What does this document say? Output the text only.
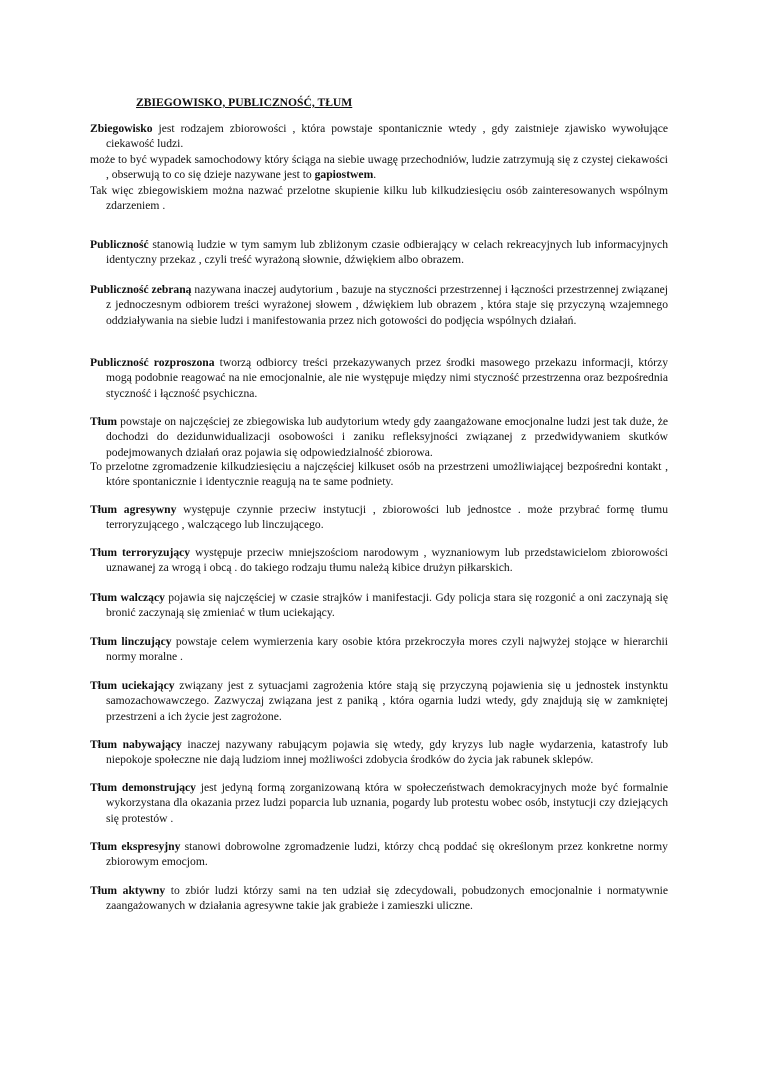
ZBIEGOWISKO, PUBLICZNOŚĆ, TŁUM

Zbiegowisko jest rodzajem zbiorowości , która powstaje spontanicznie wtedy , gdy zaistnieje zjawisko wywołujące ciekawość ludzi.

może to być wypadek samochodowy który ściąga na siebie uwagę przechodniów, ludzie zatrzymują się z czystej ciekawości , obserwują to co się dzieje nazywane jest to gapiostwem.

Tak więc zbiegowiskiem można nazwać przelotne skupienie kilku lub kilkudziesięciu osób zainteresowanych wspólnym zdarzeniem .

Publiczność stanowią ludzie w tym samym lub zbliżonym czasie odbierający w celach rekreacyjnych lub informacyjnych identyczny przekaz , czyli treść wyrażoną słownie, dźwiękiem albo obrazem.

Publiczność zebraną nazywana inaczej audytorium , bazuje na styczności przestrzennej i łączności przestrzennej związanej z jednoczesnym odbiorem treści wyrażonej słowem , dźwiękiem lub obrazem , która staje się przyczyną wzajemnego oddziaływania na siebie ludzi i manifestowania przez nich gotowości do podjęcia wspólnych działań.

Publiczność rozproszona tworzą odbiorcy treści przekazywanych przez środki masowego przekazu informacji, którzy mogą podobnie reagować na nie emocjonalnie, ale nie występuje między nimi styczność przestrzenna oraz bezpośrednia styczność i łączność psychiczna.

Tłum powstaje on najczęściej ze zbiegowiska lub audytorium wtedy gdy zaangażowane emocjonalne ludzi jest tak duże, że dochodzi do dezidunwidualizacji osobowości i zaniku refleksyjności związanej z przedwidywaniem skutków podejmowanych działań oraz pojawia się odpowiedzialność zbiorowa.

To przelotne zgromadzenie kilkudziesięciu a najczęściej kilkuset osób na przestrzeni umożliwiającej bezpośredni kontakt , które spontanicznie i identycznie reagują na te same podniety.

Tłum agresywny występuje czynnie przeciw instytucji , zbiorowości lub jednostce . może przybrać formę tłumu terroryzującego , walczącego lub linczującego.

Tłum terroryzujący występuje przeciw mniejszościom narodowym , wyznaniowym lub przedstawicielom zbiorowości uznawanej za wrogą i obcą . do takiego rodzaju tłumu należą kibice drużyn piłkarskich.

Tłum walczący pojawia się najczęściej w czasie strajków i manifestacji. Gdy policja stara się rozgonić a oni zaczynają się bronić zaczynają się zmieniać w tłum uciekający.

Tłum linczujący powstaje celem wymierzenia kary osobie która przekroczyła mores czyli najwyżej stojące w hierarchii normy moralne .

Tłum uciekający związany jest z sytuacjami zagrożenia które stają się przyczyną pojawienia się u jednostek instynktu samozachowawczego. Zazwyczaj związana jest z paniką , która ogarnia ludzi wtedy, gdy znajdują się w zamkniętej przestrzeni a ich życie jest zagrożone.

Tłum nabywający inaczej nazywany rabującym pojawia się wtedy, gdy kryzys lub nagłe wydarzenia, katastrofy lub niepokoje społeczne nie dają ludziom innej możliwości zdobycia środków do życia jak rabunek sklepów.

Tłum demonstrujący jest jedyną formą zorganizowaną która w społeczeństwach demokracyjnych może być formalnie wykorzystana dla okazania przez ludzi poparcia lub uznania, pogardy lub protestu wobec osób, instytucji czy dziejących się protestów .

Tłum ekspresyjny stanowi dobrowolne zgromadzenie ludzi, którzy chcą poddać się określonym przez konkretne normy zbiorowym emocjom.

Tłum aktywny to zbiór ludzi którzy sami na ten udział się zdecydowali, pobudzonych emocjonalnie i normatywnie zaangażowanych w działania agresywne takie jak grabieże i zamieszki uliczne.
